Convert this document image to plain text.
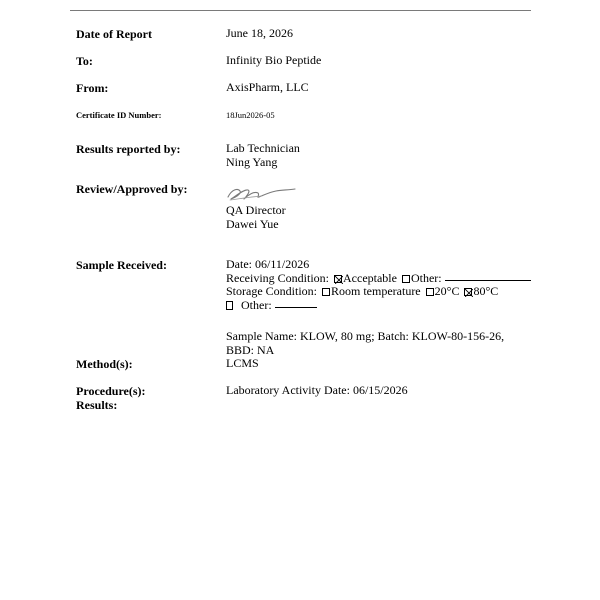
Date of Report	June 18, 2026
To:	Infinity Bio Peptide
From:	AxisPharm, LLC
Certificate ID Number:	18Jun2026-05
Results reported by:	Lab Technician
Ning Yang
Review/Approved by:
QA Director
Dawei Yue
Sample Received:	Date: 06/11/2026
Receiving Condition:
Acceptable Other:
Storage Condition: Room temperature 20°C 80°C
Other:
Sample Name: KLOW, 80 mg; Batch: KLOW-80-156-26,
BBD: NA
Method(s):	LCMS
Procedure(s):	Laboratory Activity Date: 06/15/2026
Results:
